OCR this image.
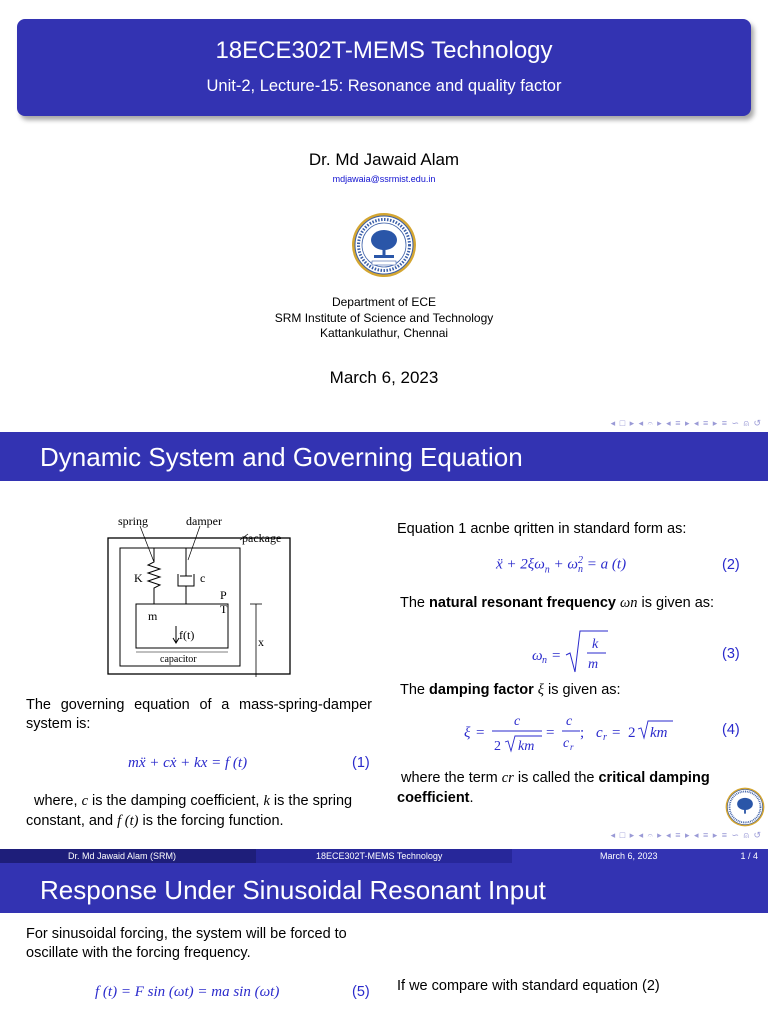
18ECE302T-MEMS Technology
Unit-2, Lecture-15: Resonance and quality factor
Dr. Md Jawaid Alam
mdjawaia@ssrmist.edu.in
Department of ECE
SRM Institute of Science and Technology
Kattankulathur, Chennai
March 6, 2023
◂ □ ▸ ◂ 𝄐 ▸ ◂ ≡ ▸ ◂ ≡ ▸ ≡ ∽ ⍝ ↺
Dynamic System and Governing Equation
spring	damper
package
K	c
P
T
m
f(t)	x
capacitor
The governing equation of a mass-spring-damper system is:
mẍ + cẋ + kx = f (t)	(1)
where, c is the damping coefficient, k is the spring constant, and f (t) is the forcing function.
Equation 1 acnbe qritten in standard form as:
ẍ + $2\xi\omega_n + \omega$ 2
n = a (t)	(2)
The natural resonant frequency ωn is given as:
ω n =
k
m
(3)
The damping factor ξ is given as:
ξ =
c
2 km
=
c
c r
; c r = 2 km	(4)
where the term cr is called the critical damping coefficient.
◂ □ ▸ ◂ 𝄐 ▸ ◂ ≡ ▸ ◂ ≡ ▸ ≡ ∽ ⍝ ↺
Dr. Md Jawaid Alam (SRM)	18ECE302T-MEMS Technology	March 6, 2023	1 / 4
Response Under Sinusoidal Resonant Input
For sinusoidal forcing, the system will be forced to oscillate with the forcing frequency.
f (t) = F sin (ωt) = ma sin (ωt)	(5) If we compare with standard equation (2)
